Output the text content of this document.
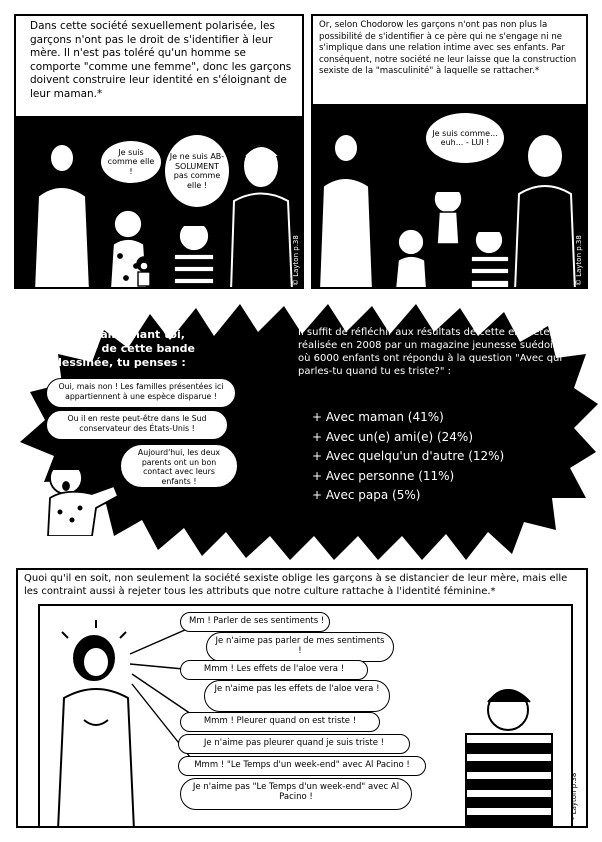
Dans cette société sexuellement polarisée, les garçons n'ont pas le droit de s'identifier à leur mère. Il n'est pas toléré qu'un homme se comporte "comme une femme", donc les garçons doivent construire leur identité en s'éloignant de leur maman.*
Je suis comme elle !
Je ne suis AB-SOLUMENT pas comme elle !
© Layton p.38
Or, selon Chodorow les garçons n'ont pas non plus la possibilité de s'identifier à ce père qui ne s'engage ni ne s'implique dans une relation intime avec ses enfants. Par conséquent, notre société ne leur laisse que la construction sexiste de la "masculinité" à laquelle se rattacher.*
Je suis comme... euh... - LUI !
© Layton p.38
NB !! Maintenant toi, lecteur de cette bande dessinée, tu penses :
Oui, mais non ! Les familles présentées ici appartiennent à une espèce disparue !
Ou il en reste peut-être dans le Sud conservateur des États-Unis !
Aujourd'hui, les deux parents ont un bon contact avec leurs enfants !
Il suffit de réfléchir aux résultats de cette enquête, réalisée en 2008 par un magazine jeunesse suédois, où 6000 enfants ont répondu à la question "Avec qui parles-tu quand tu es triste?" :
+ Avec maman (41%)
+ Avec un(e) ami(e) (24%)
+ Avec quelqu'un d'autre (12%)
+ Avec personne (11%)
+ Avec papa (5%)
Quoi qu'il en soit, non seulement la société sexiste oblige les garçons à se distancier de leur mère, mais elle les contraint aussi à rejeter tous les attributs que notre culture rattache à l'identité féminine.*
Mm ! Parler de ses sentiments !
Je n'aime pas parler de mes sentiments !
Mmm ! Les effets de l'aloe vera !
Je n'aime pas les effets de l'aloe vera !
Mmm ! Pleurer quand on est triste !
Je n'aime pas pleurer quand je suis triste !
Mmm ! "Le Temps d'un week-end" avec Al Pacino !
Je n'aime pas "Le Temps d'un week-end" avec Al Pacino !	* Layton p.38
